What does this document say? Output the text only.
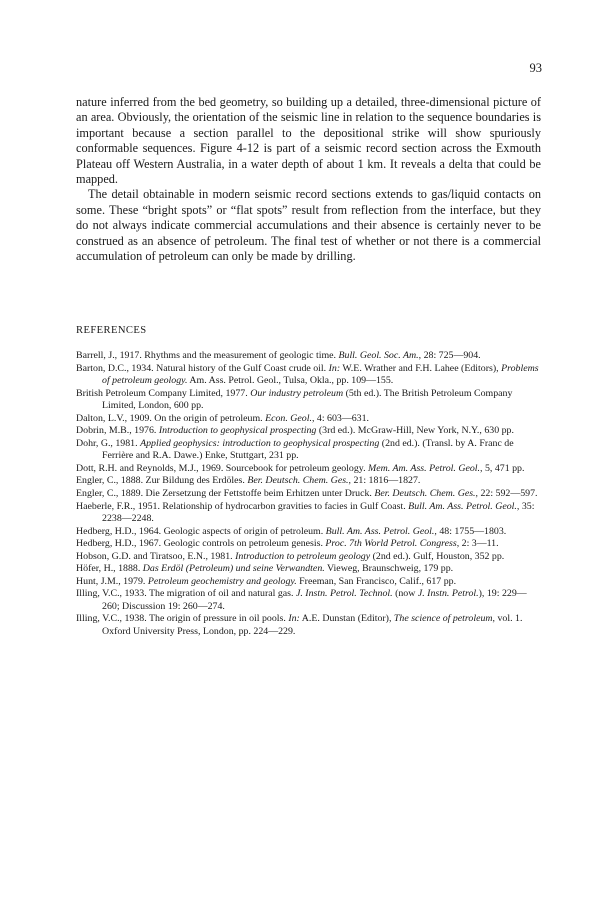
93

nature inferred from the bed geometry, so building up a detailed, three-dimensional picture of an area. Obviously, the orientation of the seismic line in relation to the sequence boundaries is important because a section parallel to the depositional strike will show spuriously conformable sequences. Figure 4-12 is part of a seismic record section across the Exmouth Plateau off Western Australia, in a water depth of about 1 km. It reveals a delta that could be mapped.

The detail obtainable in modern seismic record sections extends to gas/liquid contacts on some. These “bright spots” or “flat spots” result from reflection from the interface, but they do not always indicate commercial accumulations and their absence is certainly never to be construed as an absence of petroleum. The final test of whether or not there is a commercial accumulation of petroleum can only be made by drilling.

REFERENCES
Barrell, J., 1917. Rhythms and the measurement of geologic time. Bull. Geol. Soc. Am., 28: 725—904.
Barton, D.C., 1934. Natural history of the Gulf Coast crude oil. In: W.E. Wrather and F.H. Lahee (Editors), Problems of petroleum geology. Am. Ass. Petrol. Geol., Tulsa, Okla., pp. 109—155.
British Petroleum Company Limited, 1977. Our industry petroleum (5th ed.). The British Petroleum Company Limited, London, 600 pp.
Dalton, L.V., 1909. On the origin of petroleum. Econ. Geol., 4: 603—631.
Dobrin, M.B., 1976. Introduction to geophysical prospecting (3rd ed.). McGraw-Hill, New York, N.Y., 630 pp.
Dohr, G., 1981. Applied geophysics: introduction to geophysical prospecting (2nd ed.). (Transl. by A. Franc de Ferrière and R.A. Dawe.) Enke, Stuttgart, 231 pp.
Dott, R.H. and Reynolds, M.J., 1969. Sourcebook for petroleum geology. Mem. Am. Ass. Petrol. Geol., 5, 471 pp.
Engler, C., 1888. Zur Bildung des Erdöles. Ber. Deutsch. Chem. Ges., 21: 1816—1827.
Engler, C., 1889. Die Zersetzung der Fettstoffe beim Erhitzen unter Druck. Ber. Deutsch. Chem. Ges., 22: 592—597.
Haeberle, F.R., 1951. Relationship of hydrocarbon gravities to facies in Gulf Coast. Bull. Am. Ass. Petrol. Geol., 35: 2238—2248.
Hedberg, H.D., 1964. Geologic aspects of origin of petroleum. Bull. Am. Ass. Petrol. Geol., 48: 1755—1803.
Hedberg, H.D., 1967. Geologic controls on petroleum genesis. Proc. 7th World Petrol. Congress, 2: 3—11.
Hobson, G.D. and Tiratsoo, E.N., 1981. Introduction to petroleum geology (2nd ed.). Gulf, Houston, 352 pp.
Höfer, H., 1888. Das Erdöl (Petroleum) und seine Verwandten. Vieweg, Braunschweig, 179 pp.
Hunt, J.M., 1979. Petroleum geochemistry and geology. Freeman, San Francisco, Calif., 617 pp.
Illing, V.C., 1933. The migration of oil and natural gas. J. Instn. Petrol. Technol. (now J. Instn. Petrol.), 19: 229—260; Discussion 19: 260—274.
Illing, V.C., 1938. The origin of pressure in oil pools. In: A.E. Dunstan (Editor), The science of petroleum, vol. 1. Oxford University Press, London, pp. 224—229.
